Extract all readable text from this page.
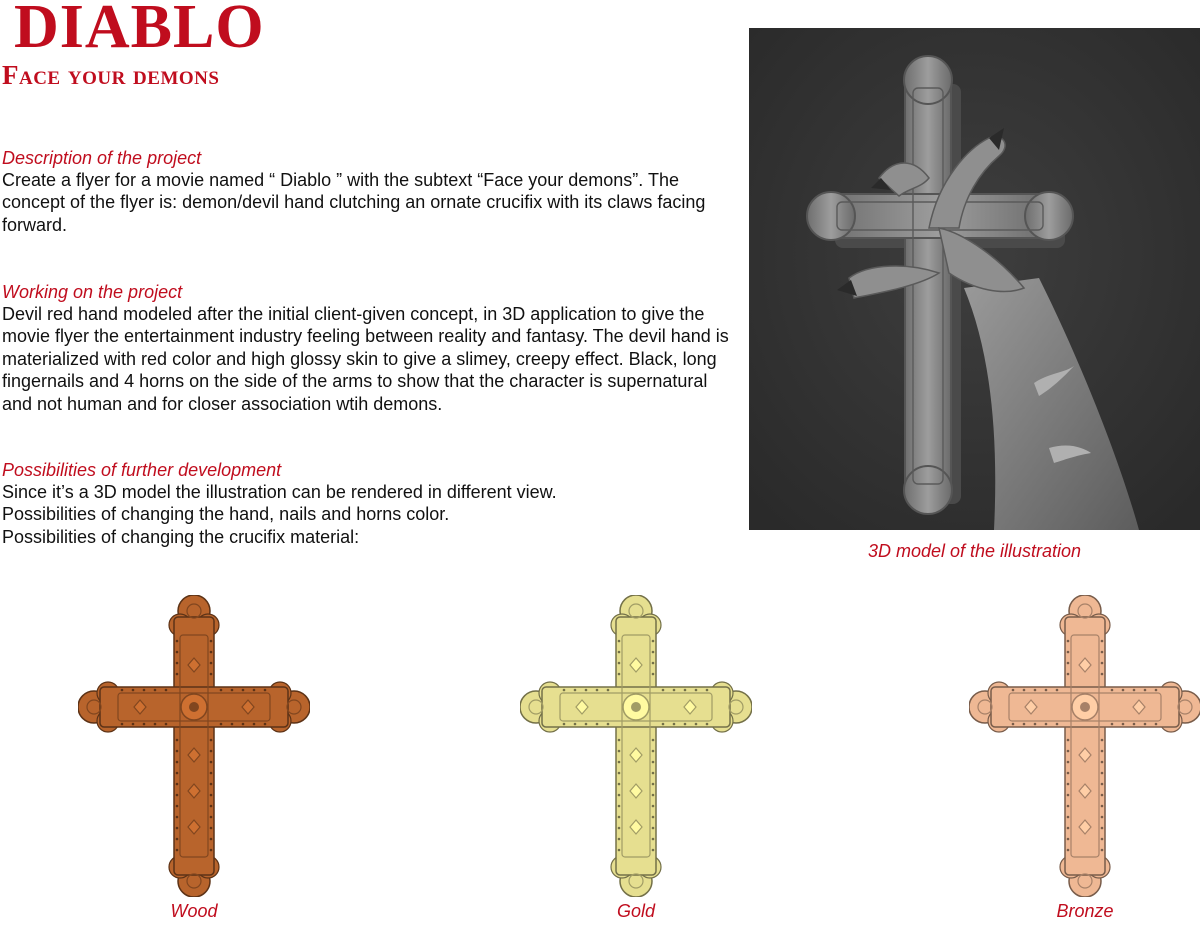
DIABLO
Face your demons
Description of the project

Create a flyer for a movie named “ Diablo ” with the subtext “Face your demons”. The concept of the flyer is: demon/devil hand clutching an ornate crucifix with its claws facing forward.

Working on the project

Devil red hand modeled after the initial client-given concept, in 3D application to give the movie flyer the entertainment industry feeling between reality and fantasy. The devil hand is materialized with red color and high glossy skin to give a slimey, creepy effect. Black, long fingernails and 4 horns on the side of the arms to show that the character is supernatural and not human and for closer association wtih demons.

Possibilities of further development

Since it’s a 3D model the illustration can be rendered in different view.

Possibilities of changing the hand, nails and horns color.

Possibilities of changing the crucifix material:

3D model of the illustration
Wood	Gold	Bronze
